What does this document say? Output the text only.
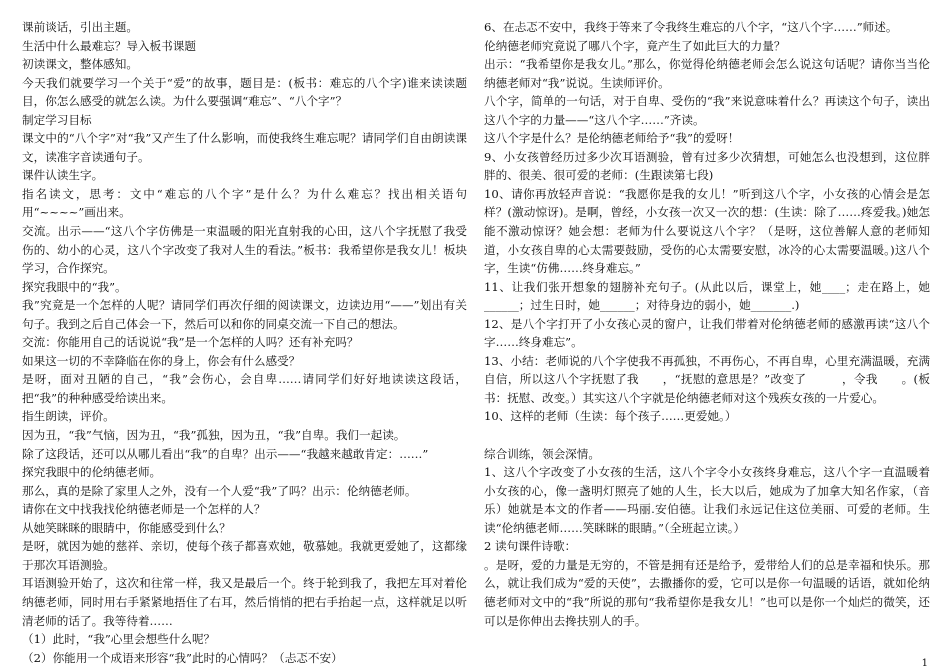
课前谈话，引出主题。

生活中什么最难忘？导入板书课题

初读课文，整体感知。

今天我们就要学习一个关于“爱”的故事，题目是：(板书：难忘的八个字)谁来读读题目，你怎么感受的就怎么读。为什么要强调“难忘”、“八个字”？

制定学习目标

课文中的“八个字”对“我”又产生了什么影响，而使我终生难忘呢？请同学们自由朗读课文，读准字音读通句子。

课件认读生字。

指名读文，思考：文中“难忘的八个字”是什么？为什么难忘？找出相关语句用“~~~~”画出来。

交流。出示——“这八个字仿佛是一束温暖的阳光直射我的心田，这八个字抚慰了我受伤的、幼小的心灵，这八个字改变了我对人生的看法。”板书：我希望你是我女儿！板块学习，合作探究。

探究我眼中的“我”。

我”究竟是一个怎样的人呢？请同学们再次仔细的阅读课文，边读边用“——”划出有关句子。我到之后自己体会一下，然后可以和你的同桌交流一下自己的想法。

交流：你能用自己的话说说“我”是一个怎样的人吗？还有补充吗？

如果这一切的不幸降临在你的身上，你会有什么感受？

是呀，面对丑陋的自己，“我”会伤心，会自卑……请同学们好好地读读这段话，把“我”的种种感受给读出来。

指生朗读，评价。

因为丑，“我”气恼，因为丑，“我”孤独，因为丑，“我”自卑。我们一起读。

除了这段话，还可以从哪儿看出“我”的自卑？出示——“我越来越敢肯定：……”

探究我眼中的伦纳德老师。

那么，真的是除了家里人之外，没有一个人爱“我”了吗？出示：伦纳德老师。

请你在文中找我找伦纳德老师是一个怎样的人？

从她笑眯眯的眼睛中，你能感受到什么？

是呀，就因为她的慈祥、亲切，使每个孩子都喜欢她，敬慕她。我就更爱她了，这都缘于那次耳语测验。

耳语测验开始了，这次和往常一样，我又是最后一个。终于轮到我了，我把左耳对着伦纳德老师，同时用右手紧紧地捂住了右耳，然后悄悄的把右手抬起一点，这样就足以听清老师的话了。我等待着……

（1）此时，“我”心里会想些什么呢？

（2）你能用一个成语来形容“我”此时的心情吗？（忐忑不安）

6、在忐忑不安中，我终于等来了令我终生难忘的八个字，“这八个字……”师述。

伦纳德老师究竟说了哪八个字，竟产生了如此巨大的力量？

出示：“我希望你是我女儿。”那么，你觉得伦纳德老师会怎么说这句话呢？请你当当伦纳德老师对“我”说说。生读师评价。

八个字，简单的一句话，对于自卑、受伤的“我”来说意味着什么？再读这个句子，读出这八个字的力量——“这八个字……”齐读。

这八个字是什么？是伦纳德老师给予“我”的爱呀！

9、小女孩曾经历过多少次耳语测验，曾有过多少次猜想，可她怎么也没想到，这位胖胖的、很美、很可爱的老师：(生跟读第七段)

10、请你再放轻声音说：“我愿你是我的女儿！”听到这八个字，小女孩的心情会是怎样？(激动惊讶)。是啊，曾经，小女孩一次又一次的想：(生读：除了……疼爱我。)她怎能不激动惊讶？她会想：老师为什么要说这八个字？（是呀，这位善解人意的老师知道，小女孩自卑的心太需要鼓励，受伤的心太需要安慰，冰冷的心太需要温暖。)这八个字，生读“仿佛……终身难忘。”

11、让我们张开想象的翅膀补充句子。(从此以后，课堂上，她____；走在路上，她______；过生日时，她______；对待身边的弱小，她_______.)

12、是八个字打开了小女孩心灵的窗户，让我们带着对伦纳德老师的感激再读“这八个字……终身难忘”。

13、小结：老师说的八个字使我不再孤独，不再伤心，不再自卑，心里充满温暖，充满自信，所以这八个字抚慰了我　　，“抚慰的意思是？”改变了　　　，令我　　。(板书：抚慰、改变。）其实这八个字就是伦纳德老师对这个残疾女孩的一片爱心。

10、这样的老师（生读：每个孩子……更爱她。）

综合训练，领会深情。

1、这八个字改变了小女孩的生活，这八个字令小女孩终身难忘，这八个字一直温暖着小女孩的心，像一盏明灯照亮了她的人生，长大以后，她成为了加拿大知名作家，（音乐）她就是本文的作者——玛丽.安伯德。让我们永远记住这位美丽、可爱的老师。生读“伦纳德老师……笑眯眯的眼睛。”（全班起立读。）

2 读句课件诗歌：

。是呀，爱的力量是无穷的，不管是拥有还是给予，爱带给人们的总是幸福和快乐。那么，就让我们成为“爱的天使”，去撒播你的爱，它可以是你一句温暖的话语，就如伦纳德老师对文中的“我”所说的那句“我希望你是我女儿！”也可以是你一个灿烂的微笑，还可以是你伸出去搀扶别人的手。

1
